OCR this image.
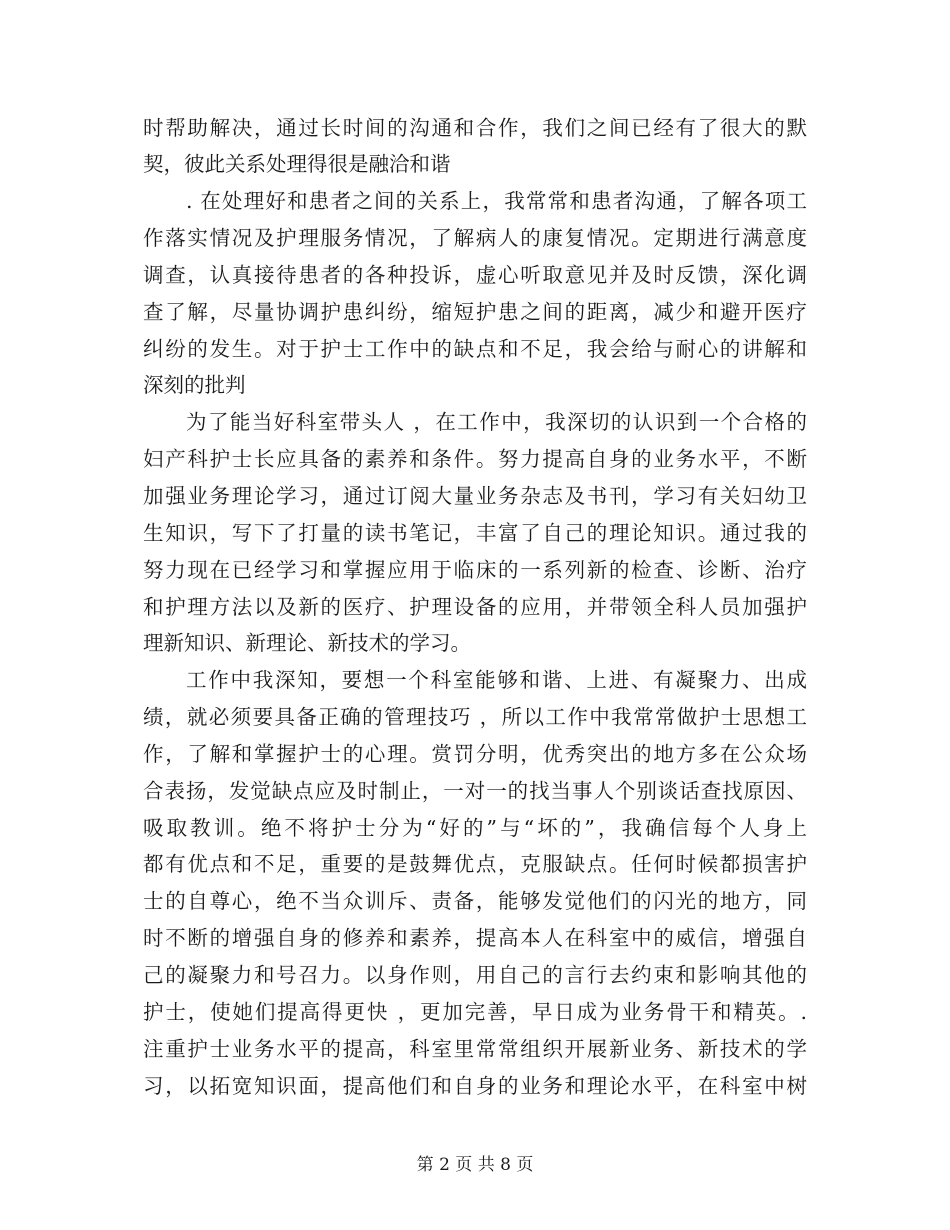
时帮助解决，通过长时间的沟通和合作，我们之间已经有了很大的默
契，彼此关系处理得很是融洽和谐
. 在处理好和患者之间的关系上，我常常和患者沟通，了解各项工
作落实情况及护理服务情况，了解病人的康复情况。定期进行满意度
调查，认真接待患者的各种投诉，虚心听取意见并及时反馈，深化调
查了解，尽量协调护患纠纷，缩短护患之间的距离，减少和避开医疗
纠纷的发生。对于护士工作中的缺点和不足，我会给与耐心的讲解和
深刻的批判
为了能当好科室带头人 ，在工作中，我深切的认识到一个合格的
妇产科护士长应具备的素养和条件。努力提高自身的业务水平，不断
加强业务理论学习，通过订阅大量业务杂志及书刊，学习有关妇幼卫
生知识，写下了打量的读书笔记，丰富了自己的理论知识。通过我的
努力现在已经学习和掌握应用于临床的一系列新的检查、诊断、治疗
和护理方法以及新的医疗、护理设备的应用，并带领全科人员加强护
理新知识、新理论、新技术的学习。
工作中我深知，要想一个科室能够和谐、上进、有凝聚力、出成
绩，就必须要具备正确的管理技巧 ，所以工作中我常常做护士思想工
作，了解和掌握护士的心理。赏罚分明，优秀突出的地方多在公众场
合表扬，发觉缺点应及时制止，一对一的找当事人个别谈话查找原因、
吸取教训。绝不将护士分为“好的”与“坏的”，我确信每个人身上
都有优点和不足，重要的是鼓舞优点，克服缺点。任何时候都损害护
士的自尊心，绝不当众训斥、责备，能够发觉他们的闪光的地方，同
时不断的增强自身的修养和素养，提高本人在科室中的威信，增强自
己的凝聚力和号召力。以身作则，用自己的言行去约束和影响其他的
护士，使她们提高得更快 ，更加完善，早日成为业务骨干和精英。.
注重护士业务水平的提高，科室里常常组织开展新业务、新技术的学
习，以拓宽知识面，提高他们和自身的业务和理论水平，在科室中树
第 2 页 共 8 页
